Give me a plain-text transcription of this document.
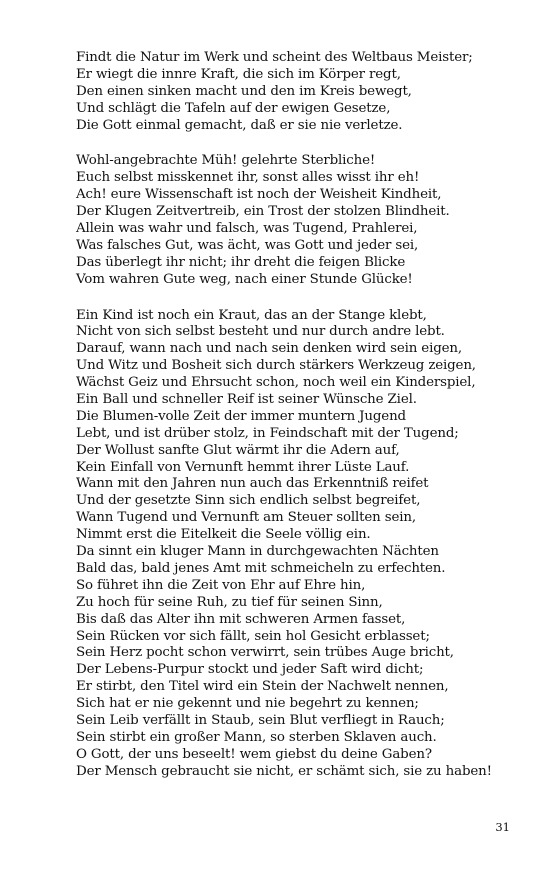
Findt die Natur im Werk und scheint des Weltbaus Meister;
Er wiegt die innre Kraft, die sich im Körper regt,
Den einen sinken macht und den im Kreis bewegt,
Und schlägt die Tafeln auf der ewigen Gesetze,
Die Gott einmal gemacht, daß er sie nie verletze.
Wohl-angebrachte Müh! gelehrte Sterbliche!
Euch selbst misskennet ihr, sonst alles wisst ihr eh!
Ach! eure Wissenschaft ist noch der Weisheit Kindheit,
Der Klugen Zeitvertreib, ein Trost der stolzen Blindheit.
Allein was wahr und falsch, was Tugend, Prahlerei,
Was falsches Gut, was ächt, was Gott und jeder sei,
Das überlegt ihr nicht; ihr dreht die feigen Blicke
Vom wahren Gute weg, nach einer Stunde Glücke!
Ein Kind ist noch ein Kraut, das an der Stange klebt,
Nicht von sich selbst besteht und nur durch andre lebt.
Darauf, wann nach und nach sein denken wird sein eigen,
Und Witz und Bosheit sich durch stärkers Werkzeug zeigen,
Wächst Geiz und Ehrsucht schon, noch weil ein Kinderspiel,
Ein Ball und schneller Reif ist seiner Wünsche Ziel.
Die Blumen-volle Zeit der immer muntern Jugend
Lebt, und ist drüber stolz, in Feindschaft mit der Tugend;
Der Wollust sanfte Glut wärmt ihr die Adern auf,
Kein Einfall von Vernunft hemmt ihrer Lüste Lauf.
Wann mit den Jahren nun auch das Erkenntniß reifet
Und der gesetzte Sinn sich endlich selbst begreifet,
Wann Tugend und Vernunft am Steuer sollten sein,
Nimmt erst die Eitelkeit die Seele völlig ein.
Da sinnt ein kluger Mann in durchgewachten Nächten
Bald das, bald jenes Amt mit schmeicheln zu erfechten.
So führet ihn die Zeit von Ehr auf Ehre hin,
Zu hoch für seine Ruh, zu tief für seinen Sinn,
Bis daß das Alter ihn mit schweren Armen fasset,
Sein Rücken vor sich fällt, sein hol Gesicht erblasset;
Sein Herz pocht schon verwirrt, sein trübes Auge bricht,
Der Lebens-Purpur stockt und jeder Saft wird dicht;
Er stirbt, den Titel wird ein Stein der Nachwelt nennen,
Sich hat er nie gekennt und nie begehrt zu kennen;
Sein Leib verfällt in Staub, sein Blut verfliegt in Rauch;
Sein stirbt ein großer Mann, so sterben Sklaven auch.
O Gott, der uns beseelt! wem giebst du deine Gaben?
Der Mensch gebraucht sie nicht, er schämt sich, sie zu haben!
31
